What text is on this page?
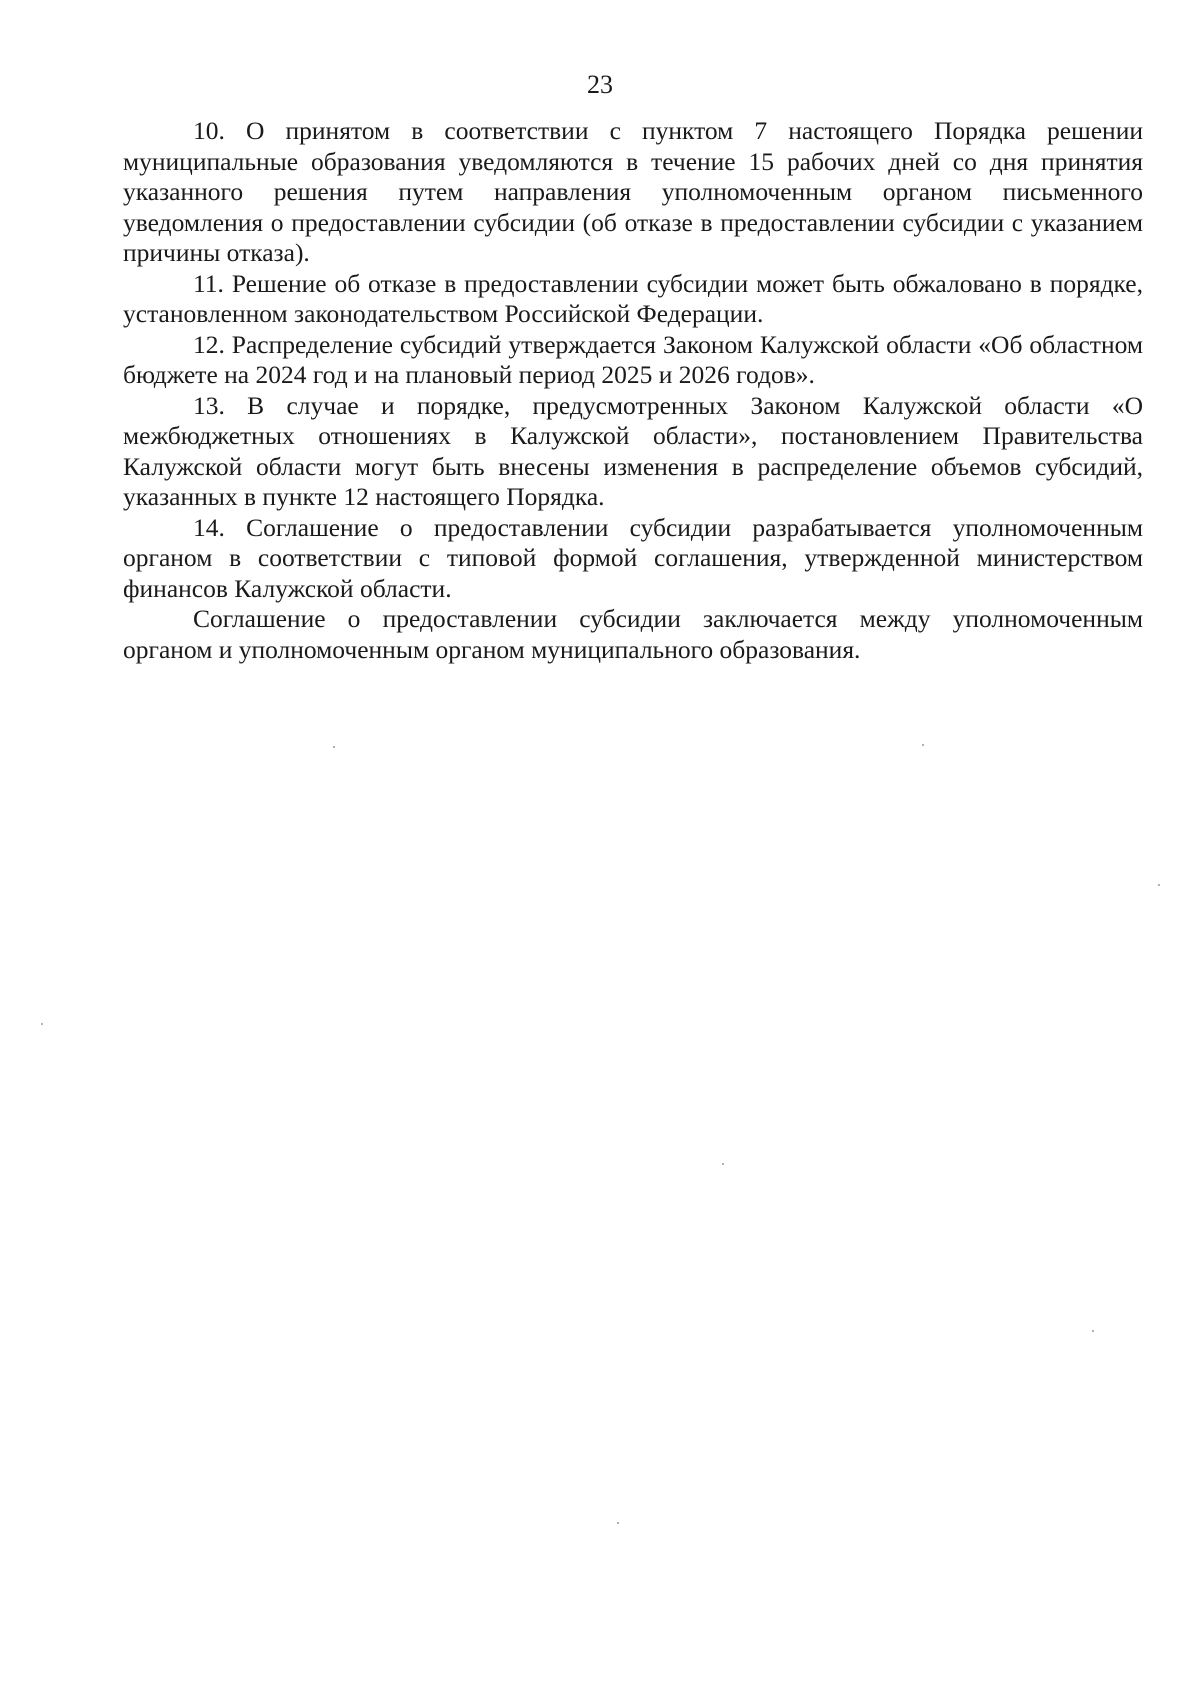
23

10. О принятом в соответствии с пунктом 7 настоящего Порядка решении муниципальные образования уведомляются в течение 15 рабочих дней со дня принятия указанного решения путем направления уполномоченным органом письменного уведомления о предоставлении субсидии (об отказе в предоставлении субсидии с указанием причины отказа).

11. Решение об отказе в предоставлении субсидии может быть обжаловано в порядке, установленном законодательством Российской Федерации.

12. Распределение субсидий утверждается Законом Калужской области «Об областном бюджете на 2024 год и на плановый период 2025 и 2026 годов».

13. В случае и порядке, предусмотренных Законом Калужской области «О межбюджетных отношениях в Калужской области», постановлением Правительства Калужской области могут быть внесены изменения в распределение объемов субсидий, указанных в пункте 12 настоящего Порядка.

14. Соглашение о предоставлении субсидии разрабатывается уполномоченным органом в соответствии с типовой формой соглашения, утвержденной министерством финансов Калужской области.

Соглашение о предоставлении субсидии заключается между уполномоченным органом и уполномоченным органом муниципального образования.
